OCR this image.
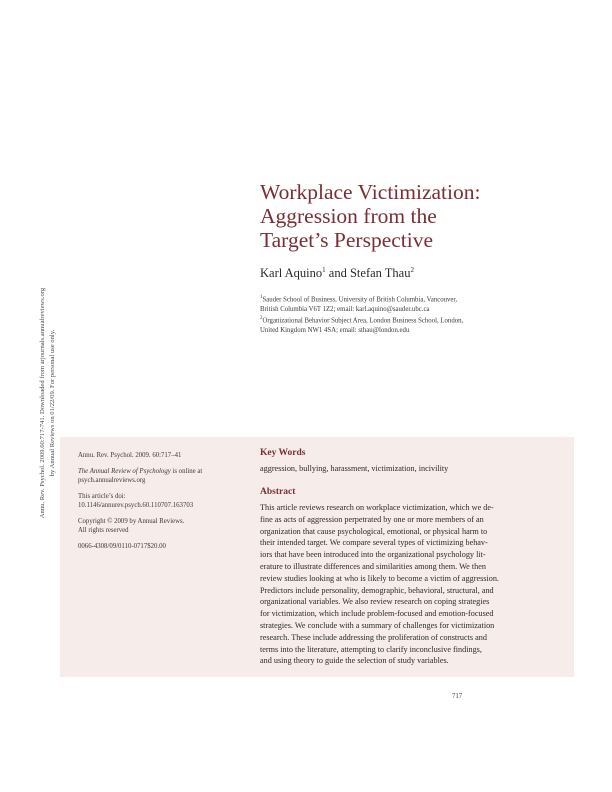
Annu. Rev. Psychol. 2009.60:717-741. Downloaded from arjournals.annualreviews.org by Annual Reviews on 01/22/09. For personal use only.
Workplace Victimization:
Aggression from the
Target’s Perspective
Karl Aquino$^1$ and Stefan Thau$^2$
$^1$Sauder School of Business, University of British Columbia, Vancouver,
British Columbia V6T 1Z2; email: karl.aquino@sauder.ubc.ca
$^2$Organizational Behavior Subject Area, London Business School, London,
United Kingdom NW1 4SA; email: sthau@london.edu

Annu. Rev. Psychol. 2009. 60:717–41

The Annual Review of Psychology is online at
psych.annualreviews.org

This article’s doi:
10.1146/annurev.psych.60.110707.163703

Copyright © 2009 by Annual Reviews.
All rights reserved

0066-4308/09/0110-0717$20.00

Key Words
aggression, bullying, harassment, victimization, incivility
Abstract
This article reviews research on workplace victimization, which we de-
fine as acts of aggression perpetrated by one or more members of an
organization that cause psychological, emotional, or physical harm to
their intended target. We compare several types of victimizing behav-
iors that have been introduced into the organizational psychology lit-
erature to illustrate differences and similarities among them. We then
review studies looking at who is likely to become a victim of aggression.
Predictors include personality, demographic, behavioral, structural, and
organizational variables. We also review research on coping strategies
for victimization, which include problem-focused and emotion-focused
strategies. We conclude with a summary of challenges for victimization
research. These include addressing the proliferation of constructs and
terms into the literature, attempting to clarify inconclusive findings,
and using theory to guide the selection of study variables.
717
